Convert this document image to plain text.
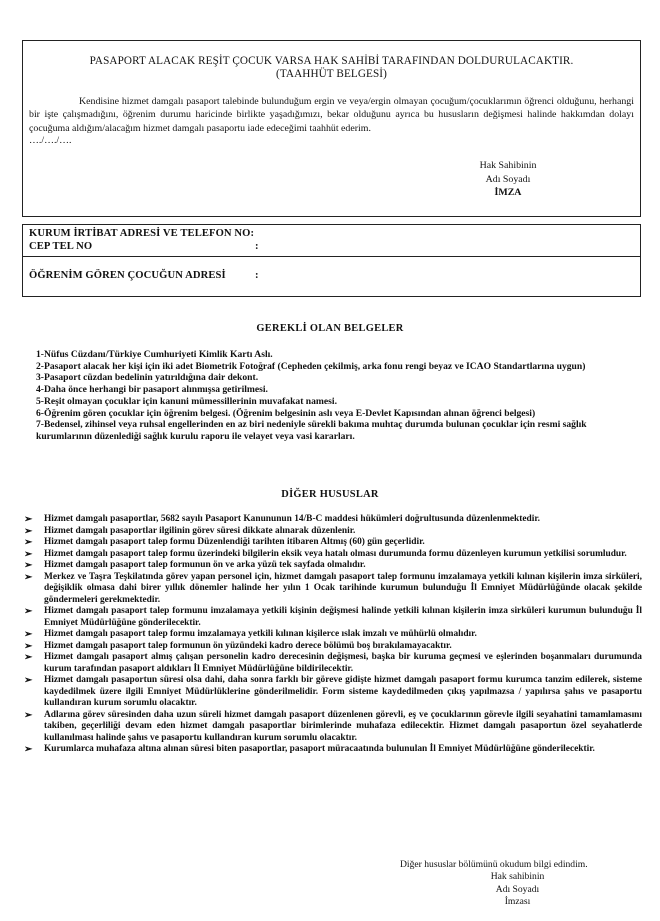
PASAPORT ALACAK REŞİT ÇOCUK VARSA HAK SAHİBİ TARAFINDAN DOLDURULACAKTIR.
(TAAHHÜT BELGESİ)
Kendisine hizmet damgalı pasaport talebinde bulunduğum ergin ve veya/ergin olmayan çocuğum/çocuklarımın öğrenci olduğunu, herhangi bir işte çalışmadığını, öğrenim durumu haricinde birlikte yaşadığımızı, bekar olduğunu ayrıca bu hususların değişmesi halinde hakkımdan dolayı çocuğuma aldığım/alacağım hizmet damgalı pasaportu iade edeceğimi taahhüt ederim.
…./…./….
Hak Sahibinin
Adı Soyadı
İMZA
KURUM İRTİBAT ADRESİ VE TELEFON NO:
CEP TEL NO	:
ÖĞRENİM GÖREN ÇOCUĞUN ADRESİ	:
GEREKLİ OLAN BELGELER
1-Nüfus Cüzdanı/Türkiye Cumhuriyeti Kimlik Kartı Aslı.
2-Pasaport alacak her kişi için iki adet Biometrik Fotoğraf (Cepheden çekilmiş, arka fonu rengi beyaz ve ICAO Standartlarına uygun)
3-Pasaport cüzdan bedelinin yatırıldığına dair dekont.
4-Daha önce herhangi bir pasaport alınmışsa getirilmesi.
5-Reşit olmayan çocuklar için kanuni mümessillerinin muvafakat namesi.
6-Öğrenim gören çocuklar için öğrenim belgesi. (Öğrenim belgesinin aslı veya E-Devlet Kapısından alınan öğrenci belgesi)
7-Bedensel, zihinsel veya ruhsal engellerinden en az biri nedeniyle sürekli bakıma muhtaç durumda bulunan çocuklar için resmi sağlık kurumlarının düzenlediği sağlık kurulu raporu ile velayet veya vasi kararları.
DİĞER HUSUSLAR
➢ Hizmet damgalı pasaportlar, 5682 sayılı Pasaport Kanununun 14/B-C maddesi hükümleri doğrultusunda düzenlenmektedir.
➢ Hizmet damgalı pasaportlar ilgilinin görev süresi dikkate alınarak düzenlenir.
➢ Hizmet damgalı pasaport talep formu Düzenlendiği tarihten itibaren Altmış (60) gün geçerlidir.
➢ Hizmet damgalı pasaport talep formu üzerindeki bilgilerin eksik veya hatalı olması durumunda formu düzenleyen kurumun yetkilisi sorumludur.
➢ Hizmet damgalı pasaport talep formunun ön ve arka yüzü tek sayfada olmalıdır.
➢ Merkez ve Taşra Teşkilatında görev yapan personel için, hizmet damgalı pasaport talep formunu imzalamaya yetkili kılınan kişilerin imza sirküleri, değişiklik olmasa dahi birer yıllık dönemler halinde her yılın 1 Ocak tarihinde kurumun bulunduğu İl Emniyet Müdürlüğünde olacak şekilde göndermeleri gerekmektedir.
➢ Hizmet damgalı pasaport talep formunu imzalamaya yetkili kişinin değişmesi halinde yetkili kılınan kişilerin imza sirküleri kurumun bulunduğu İl Emniyet Müdürlüğüne gönderilecektir.
➢ Hizmet damgalı pasaport talep formu imzalamaya yetkili kılınan kişilerce ıslak imzalı ve mühürlü olmalıdır.
➢ Hizmet damgalı pasaport talep formunun ön yüzündeki kadro derece bölümü boş bırakılamayacaktır.
➢ Hizmet damgalı pasaport almış çalışan personelin kadro derecesinin değişmesi, başka bir kuruma geçmesi ve eşlerinden boşanmaları durumunda kurum tarafından pasaport aldıkları İl Emniyet Müdürlüğüne bildirilecektir.
➢ Hizmet damgalı pasaportun süresi olsa dahi, daha sonra farklı bir göreve gidişte hizmet damgalı pasaport formu kurumca tanzim edilerek, sisteme kaydedilmek üzere ilgili Emniyet Müdürlüklerine gönderilmelidir. Form sisteme kaydedilmeden çıkış yapılmazsa / yapılırsa şahıs ve pasaportu kullandıran kurum sorumlu olacaktır.
➢ Adlarına görev süresinden daha uzun süreli hizmet damgalı pasaport düzenlenen görevli, eş ve çocuklarının görevle ilgili seyahatini tamamlamasını takiben, geçerliliği devam eden hizmet damgalı pasaportlar birimlerinde muhafaza edilecektir. Hizmet damgalı pasaportun özel seyahatlerde kullanılması halinde şahıs ve pasaportu kullandıran kurum sorumlu olacaktır.
➢ Kurumlarca muhafaza altına alınan süresi biten pasaportlar, pasaport müracaatında bulunulan İl Emniyet Müdürlüğüne gönderilecektir.
Diğer hususlar bölümünü okudum bilgi edindim.
Hak sahibinin
Adı Soyadı
İmzası
